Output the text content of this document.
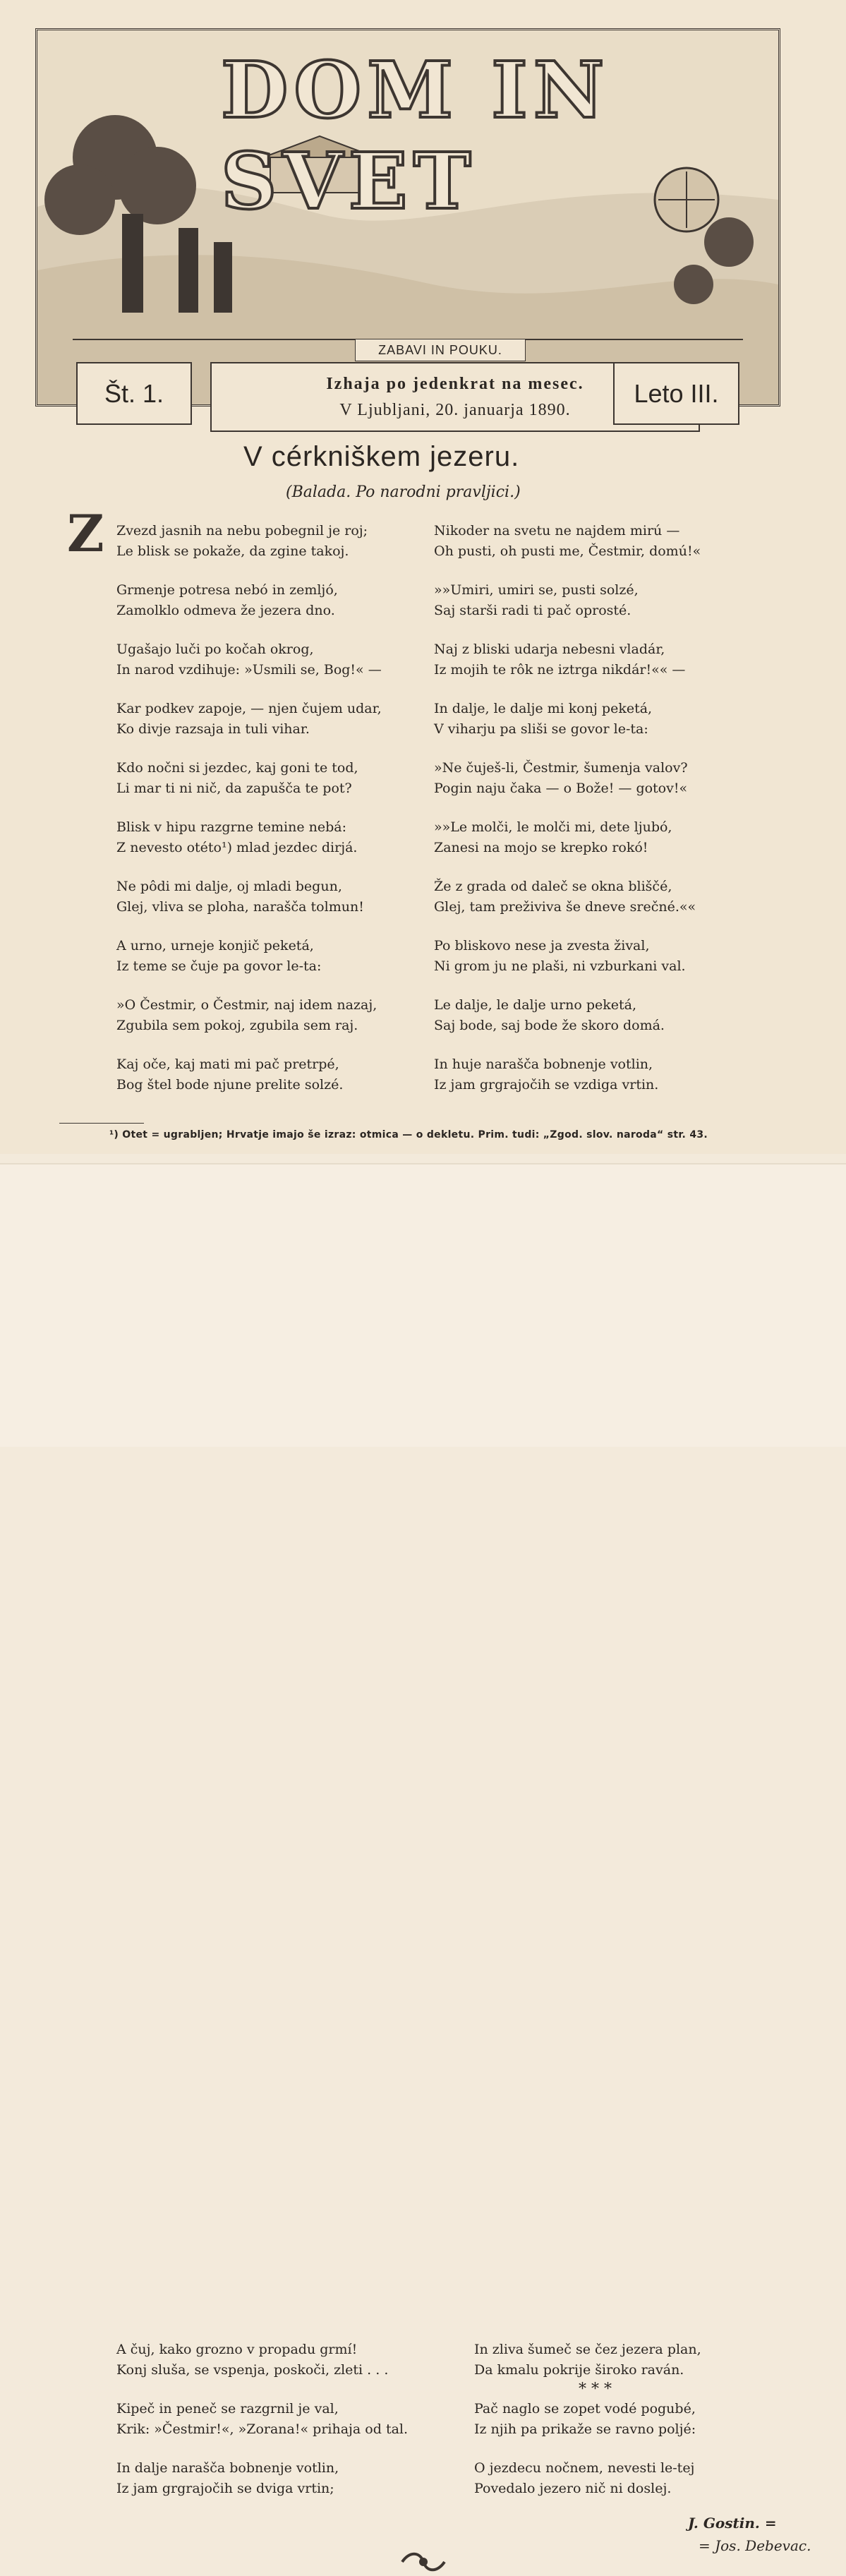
DOM IN SVET
ZABAVI IN POUKU.
Št. 1.	Izhaja po jedenkrat na mesec.
V Ljubljani, 20. januarja 1890.
Leto III.
V cérkniškem jezeru.
(Balada. Po narodni pravljici.)
Z Zvezd jasnih na nebu pobegnil je roj;
Le blisk se pokaže, da zgine takoj.
Grmenje potresa nebó in zemljó,
Zamolklo odmeva že jezera dno.
Ugašajo luči po kočah okrog,
In narod vzdihuje: »Usmili se, Bog!« —
Kar podkev zapoje, — njen čujem udar,
Ko divje razsaja in tuli vihar.
Kdo nočni si jezdec, kaj goni te tod,
Li mar ti ni nič, da zapušča te pot?
Blisk v hipu razgrne temine nebá:
Z nevesto otéto¹) mlad jezdec dirjá.
Ne pôdi mi dalje, oj mladi begun,
Glej, vliva se ploha, narašča tolmun!
A urno, urneje konjič peketá,
Iz teme se čuje pa govor le-ta:
»O Čestmir, o Čestmir, naj idem nazaj,
Zgubila sem pokoj, zgubila sem raj.
Kaj oče, kaj mati mi pač pretrpé,
Bog štel bode njune prelite solzé.
Nikoder na svetu ne najdem mirú —
Oh pusti, oh pusti me, Čestmir, domú!«
»»Umiri, umiri se, pusti solzé,
Saj starši radi ti pač oprosté.
Naj z bliski udarja nebesni vladár,
Iz mojih te rôk ne iztrga nikdár!«« —
In dalje, le dalje mi konj peketá,
V viharju pa sliši se govor le-ta:
»Ne čuješ-li, Čestmir, šumenja valov?
Pogin naju čaka — o Bože! — gotov!«
»»Le molči, le molči mi, dete ljubó,
Zanesi na mojo se krepko rokó!
Že z grada od daleč se okna bliščé,
Glej, tam preživiva še dneve srečné.««
Po bliskovo nese ja zvesta žival,
Ni grom ju ne plaši, ni vzburkani val.
Le dalje, le dalje urno peketá,
Saj bode, saj bode že skoro domá.
In huje narašča bobnenje votlin,
Iz jam grgrajočih se vzdiga vrtin.
¹) Otet = ugrabljen; Hrvatje imajo še izraz: otmica — o dekletu. Prim. tudi: „Zgod. slov. naroda“ str. 43.
A čuj, kako grozno v propadu grmí!
Konj sluša, se vspenja, poskoči, zleti . . .
Kipeč in peneč se razgrnil je val,
Krik: »Čestmir!«, »Zorana!« prihaja od tal.
In dalje narašča bobnenje votlin,
Iz jam grgrajočih se dviga vrtin;
In zliva šumeč se čez jezera plan,
Da kmalu pokrije široko raván.
Pač naglo se zopet vodé pogubé,
Iz njih pa prikaže se ravno poljé:
O jezdecu nočnem, nevesti le-tej
Povedalo jezero nič ni doslej.
* * *
J. Gostin. =
= Jos. Debevac.
